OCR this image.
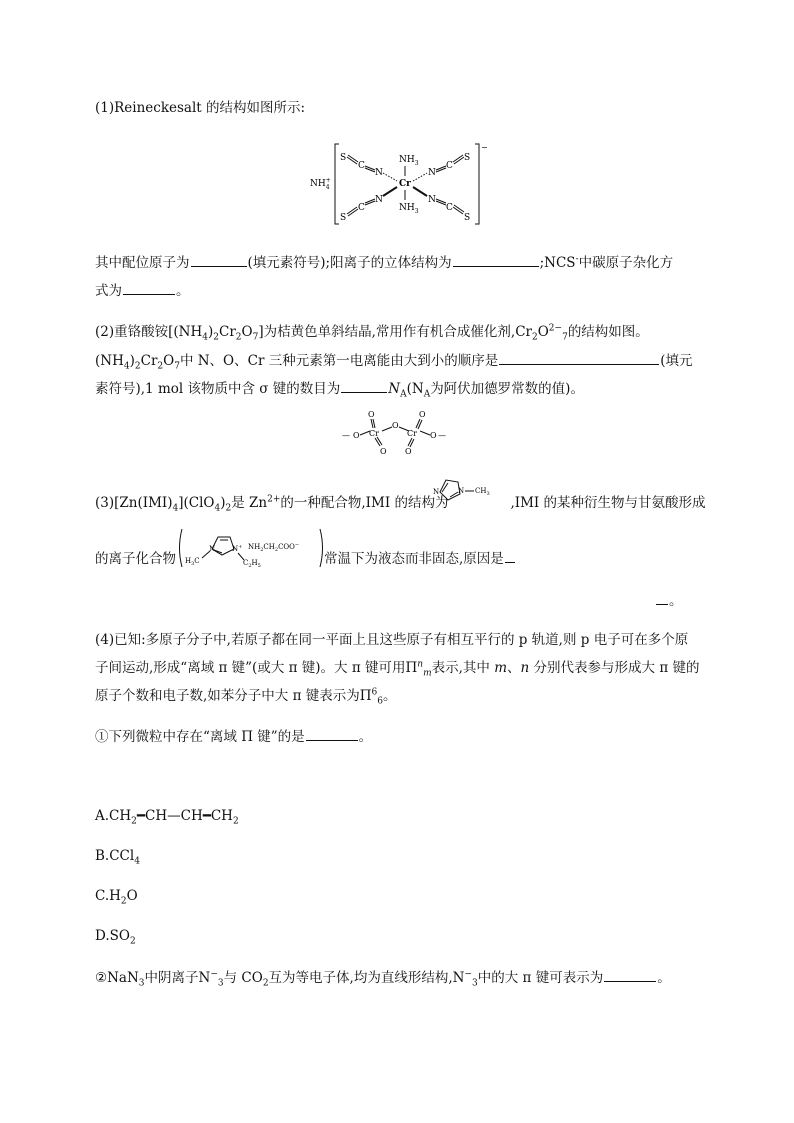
(1)Reineckesalt 的结构如图所示:
−
$NH_4+$
S
C
N
$NH_3$
Cr
$NH_3$
N
C
S
N
C
S
N
C
S
其中配位原子为	(填元素符号);阳离子的立体结构为	;NCS-中碳原子杂化方
式为	。
(2)重铬酸铵$[(NH_4)_2Cr_2O_7]$为桔黄色单斜结晶,常用作有机合成催化剂$,Cr_2O^{2-}_7$的结构如图。
$(NH_4)_2Cr_2O_7$中 N、O、Cr 三种元素第一电离能由大到小的顺序是	(填元
素符号),1 mol 该物质中含 σ 键的数目为	$N_A(N_A$为阿伏加德罗常数的值)。
— O Cr
O
O
O
Cr
O
O
O —
$(3)[Zn(IMI)_4](ClO_4)_2$是 $Zn^{2+}$的一种配合物,IMI 的结构为	,IMI 的某种衍生物与甘氨酸形成
N	N $CH_3$
的离子化合物	常温下为液态而非固态,原因是
$H_3C$
N N+
$C_2H_5$
$NH_2CH_2COO^-$
。
(4)已知:多原子分子中,若原子都在同一平面上且这些原子有相互平行的 p 轨道,则 p 电子可在多个原
子间运动,形成“离域 π 键”(或大 π 键)。大 π 键可用$\Pi^n_m$表示,其中 m、n 分别代表参与形成大 π 键的
原子个数和电子数,如苯分子中大 π 键表示为$\Pi^6_6$。
①下列微粒中存在“离域 Π 键”的是	。
$A.CH_2━CH—CH━CH_2$
B.CCl$_4$
$C.H_2O$
$D.SO_2$
②NaN$_3$中阴离子$N^-_3$与 $CO_2$互为等电子体,均为直线形结构$,N^-_3$中的大 π 键可表示为	。
